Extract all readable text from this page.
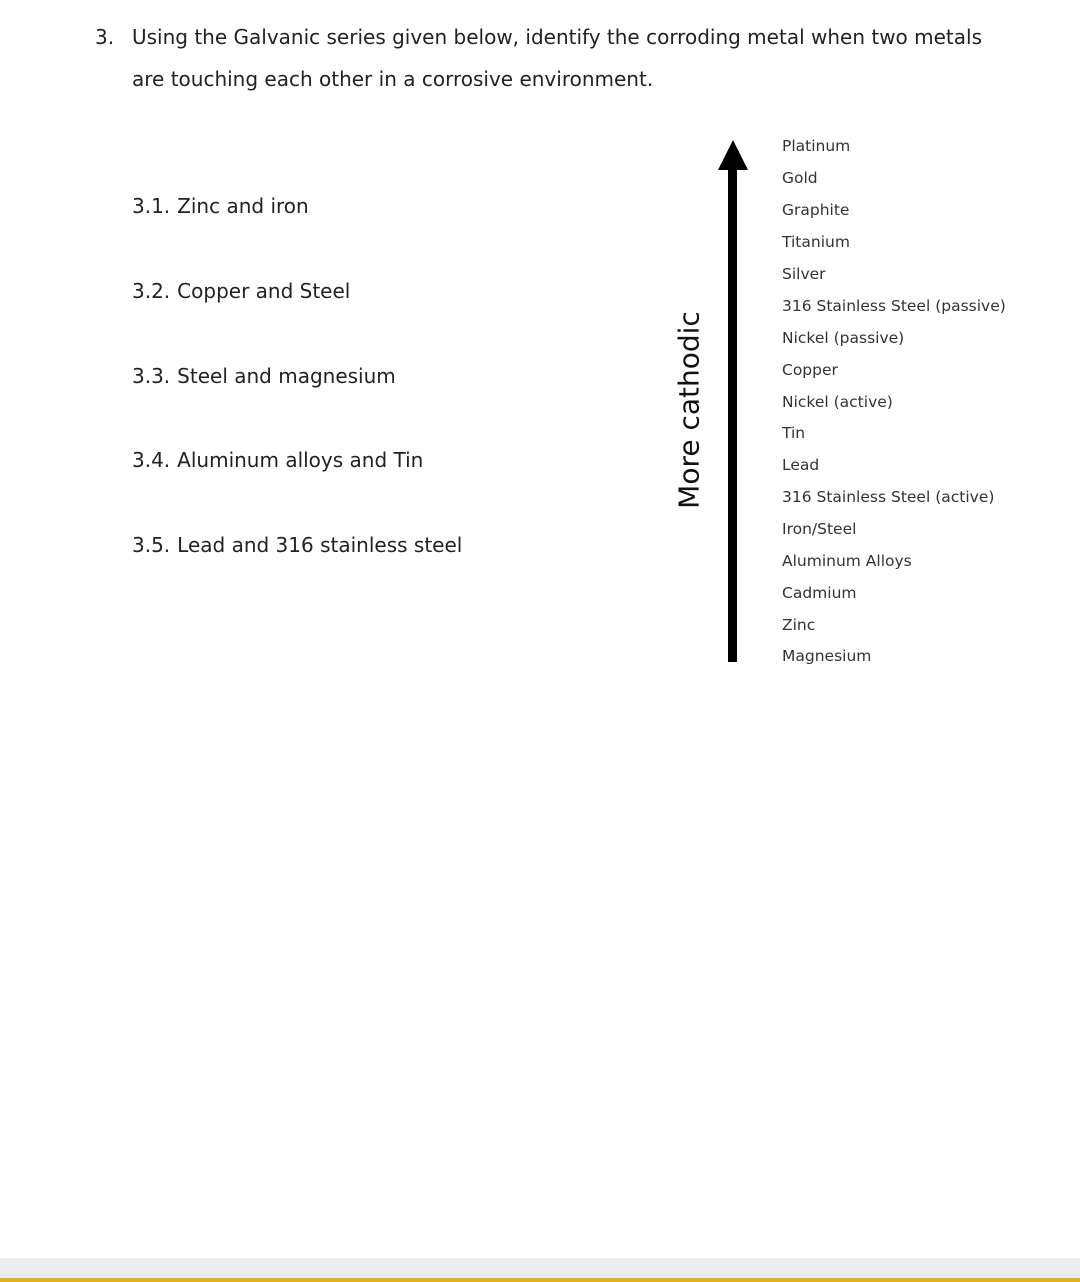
3. Using the Galvanic series given below, identify the corroding metal when two metals are touching each other in a corrosive environment.
3.1. Zinc and iron
3.2. Copper and Steel
3.3. Steel and magnesium
3.4. Aluminum alloys and Tin
3.5. Lead and 316 stainless steel
More cathodic
Platinum
Gold
Graphite
Titanium
Silver
316 Stainless Steel (passive)
Nickel (passive)
Copper
Nickel (active)
Tin
Lead
316 Stainless Steel (active)
Iron/Steel
Aluminum Alloys
Cadmium
Zinc
Magnesium
